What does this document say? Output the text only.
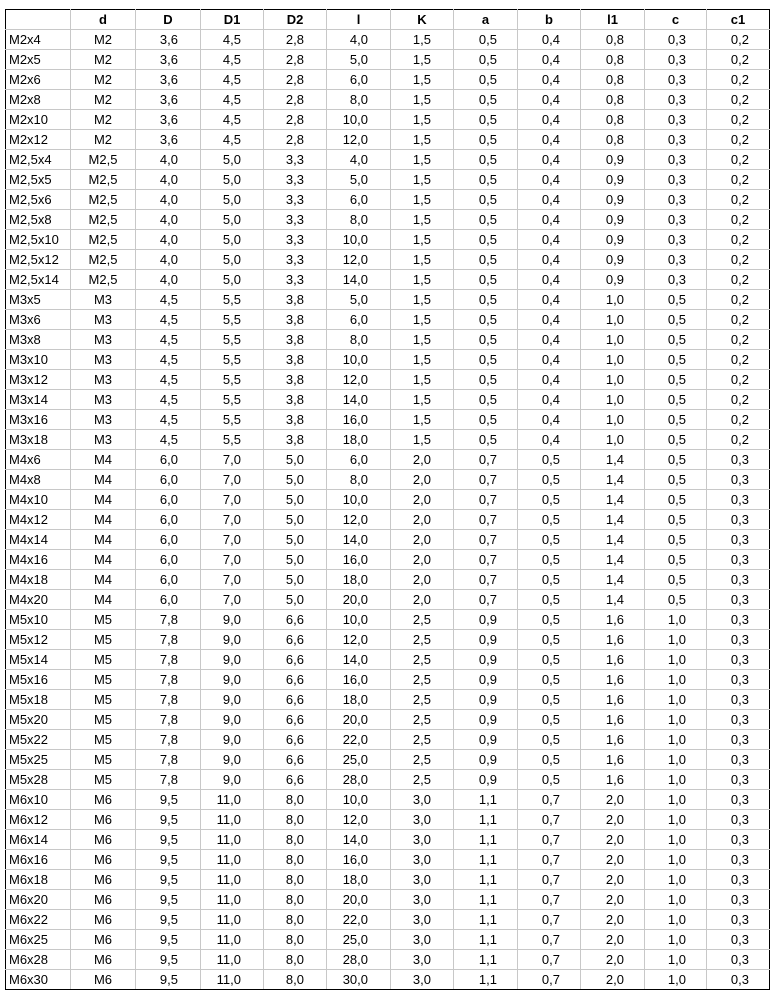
	d	D	D1	D2	l	K	a	b	l1	c	c1
M2x4	M2	3,6	4,5	2,8	4,0	1,5	0,5	0,4	0,8	0,3	0,2
M2x5	M2	3,6	4,5	2,8	5,0	1,5	0,5	0,4	0,8	0,3	0,2
M2x6	M2	3,6	4,5	2,8	6,0	1,5	0,5	0,4	0,8	0,3	0,2
M2x8	M2	3,6	4,5	2,8	8,0	1,5	0,5	0,4	0,8	0,3	0,2
M2x10	M2	3,6	4,5	2,8	10,0	1,5	0,5	0,4	0,8	0,3	0,2
M2x12	M2	3,6	4,5	2,8	12,0	1,5	0,5	0,4	0,8	0,3	0,2
M2,5x4	M2,5	4,0	5,0	3,3	4,0	1,5	0,5	0,4	0,9	0,3	0,2
M2,5x5	M2,5	4,0	5,0	3,3	5,0	1,5	0,5	0,4	0,9	0,3	0,2
M2,5x6	M2,5	4,0	5,0	3,3	6,0	1,5	0,5	0,4	0,9	0,3	0,2
M2,5x8	M2,5	4,0	5,0	3,3	8,0	1,5	0,5	0,4	0,9	0,3	0,2
M2,5x10	M2,5	4,0	5,0	3,3	10,0	1,5	0,5	0,4	0,9	0,3	0,2
M2,5x12	M2,5	4,0	5,0	3,3	12,0	1,5	0,5	0,4	0,9	0,3	0,2
M2,5x14	M2,5	4,0	5,0	3,3	14,0	1,5	0,5	0,4	0,9	0,3	0,2
M3x5	M3	4,5	5,5	3,8	5,0	1,5	0,5	0,4	1,0	0,5	0,2
M3x6	M3	4,5	5,5	3,8	6,0	1,5	0,5	0,4	1,0	0,5	0,2
M3x8	M3	4,5	5,5	3,8	8,0	1,5	0,5	0,4	1,0	0,5	0,2
M3x10	M3	4,5	5,5	3,8	10,0	1,5	0,5	0,4	1,0	0,5	0,2
M3x12	M3	4,5	5,5	3,8	12,0	1,5	0,5	0,4	1,0	0,5	0,2
M3x14	M3	4,5	5,5	3,8	14,0	1,5	0,5	0,4	1,0	0,5	0,2
M3x16	M3	4,5	5,5	3,8	16,0	1,5	0,5	0,4	1,0	0,5	0,2
M3x18	M3	4,5	5,5	3,8	18,0	1,5	0,5	0,4	1,0	0,5	0,2
M4x6	M4	6,0	7,0	5,0	6,0	2,0	0,7	0,5	1,4	0,5	0,3
M4x8	M4	6,0	7,0	5,0	8,0	2,0	0,7	0,5	1,4	0,5	0,3
M4x10	M4	6,0	7,0	5,0	10,0	2,0	0,7	0,5	1,4	0,5	0,3
M4x12	M4	6,0	7,0	5,0	12,0	2,0	0,7	0,5	1,4	0,5	0,3
M4x14	M4	6,0	7,0	5,0	14,0	2,0	0,7	0,5	1,4	0,5	0,3
M4x16	M4	6,0	7,0	5,0	16,0	2,0	0,7	0,5	1,4	0,5	0,3
M4x18	M4	6,0	7,0	5,0	18,0	2,0	0,7	0,5	1,4	0,5	0,3
M4x20	M4	6,0	7,0	5,0	20,0	2,0	0,7	0,5	1,4	0,5	0,3
M5x10	M5	7,8	9,0	6,6	10,0	2,5	0,9	0,5	1,6	1,0	0,3
M5x12	M5	7,8	9,0	6,6	12,0	2,5	0,9	0,5	1,6	1,0	0,3
M5x14	M5	7,8	9,0	6,6	14,0	2,5	0,9	0,5	1,6	1,0	0,3
M5x16	M5	7,8	9,0	6,6	16,0	2,5	0,9	0,5	1,6	1,0	0,3
M5x18	M5	7,8	9,0	6,6	18,0	2,5	0,9	0,5	1,6	1,0	0,3
M5x20	M5	7,8	9,0	6,6	20,0	2,5	0,9	0,5	1,6	1,0	0,3
M5x22	M5	7,8	9,0	6,6	22,0	2,5	0,9	0,5	1,6	1,0	0,3
M5x25	M5	7,8	9,0	6,6	25,0	2,5	0,9	0,5	1,6	1,0	0,3
M5x28	M5	7,8	9,0	6,6	28,0	2,5	0,9	0,5	1,6	1,0	0,3
M6x10	M6	9,5	11,0	8,0	10,0	3,0	1,1	0,7	2,0	1,0	0,3
M6x12	M6	9,5	11,0	8,0	12,0	3,0	1,1	0,7	2,0	1,0	0,3
M6x14	M6	9,5	11,0	8,0	14,0	3,0	1,1	0,7	2,0	1,0	0,3
M6x16	M6	9,5	11,0	8,0	16,0	3,0	1,1	0,7	2,0	1,0	0,3
M6x18	M6	9,5	11,0	8,0	18,0	3,0	1,1	0,7	2,0	1,0	0,3
M6x20	M6	9,5	11,0	8,0	20,0	3,0	1,1	0,7	2,0	1,0	0,3
M6x22	M6	9,5	11,0	8,0	22,0	3,0	1,1	0,7	2,0	1,0	0,3
M6x25	M6	9,5	11,0	8,0	25,0	3,0	1,1	0,7	2,0	1,0	0,3
M6x28	M6	9,5	11,0	8,0	28,0	3,0	1,1	0,7	2,0	1,0	0,3
M6x30	M6	9,5	11,0	8,0	30,0	3,0	1,1	0,7	2,0	1,0	0,3
